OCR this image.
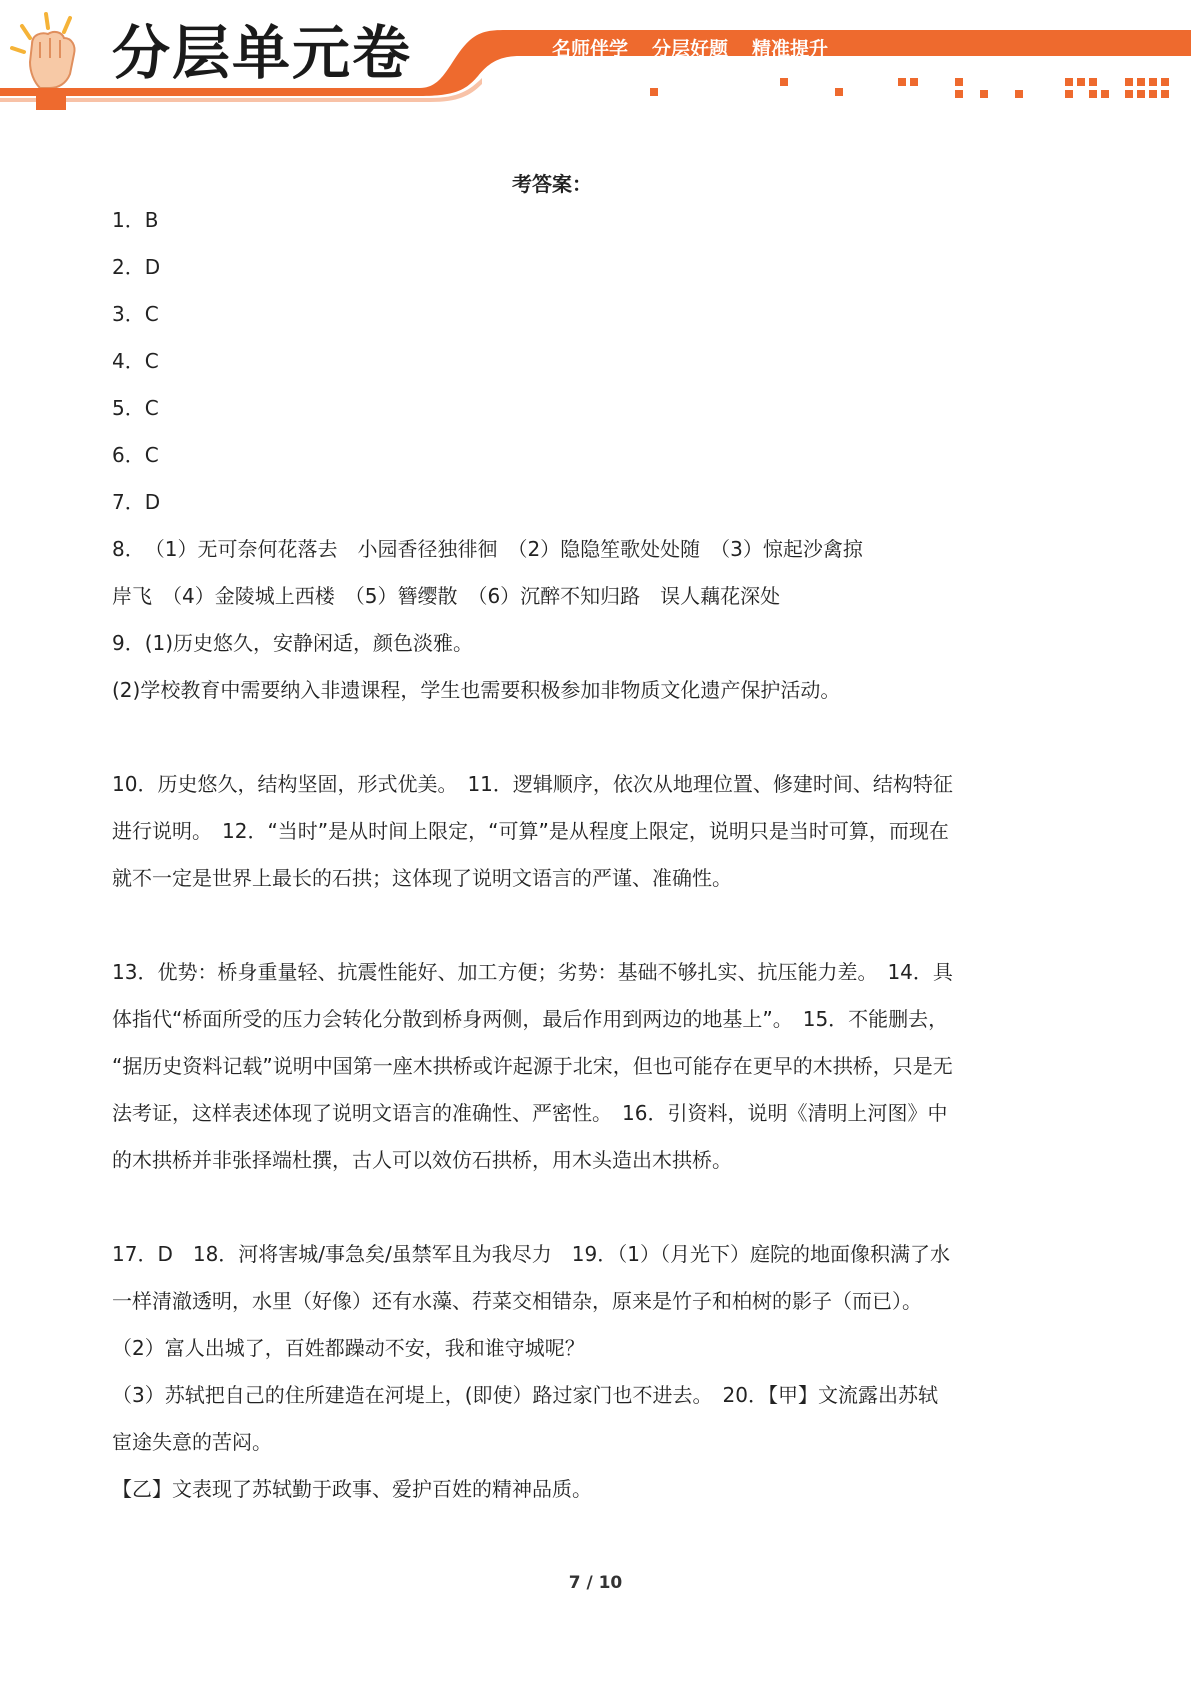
分层单元卷	名师伴学 分层好题 精准提升
考答案：
1．B
2．D
3．C
4．C
5．C
6．C
7．D
8．　（1）无可奈何花落去　小园香径独徘徊　（2）隐隐笙歌处处随　（3）惊起沙禽掠
岸飞　（4）金陵城上西楼　（5）簪缨散　（6）沉醉不知归路　误人藕花深处
9．(1)历史悠久，安静闲适，颜色淡雅。
(2)学校教育中需要纳入非遗课程，学生也需要积极参加非物质文化遗产保护活动。
10．历史悠久，结构坚固，形式优美。　11．逻辑顺序，依次从地理位置、修建时间、结构特征
进行说明。　12．“当时”是从时间上限定，“可算”是从程度上限定，说明只是当时可算，而现在
就不一定是世界上最长的石拱；这体现了说明文语言的严谨、准确性。
13．优势：桥身重量轻、抗震性能好、加工方便；劣势：基础不够扎实、抗压能力差。　14．具
体指代“桥面所受的压力会转化分散到桥身两侧，最后作用到两边的地基上”。　15．不能删去，
“据历史资料记载”说明中国第一座木拱桥或许起源于北宋，但也可能存在更早的木拱桥，只是无
法考证，这样表述体现了说明文语言的准确性、严密性。　16．引资料，说明《清明上河图》中
的木拱桥并非张择端杜撰，古人可以效仿石拱桥，用木头造出木拱桥。
17．D　18．河将害城/事急矣/虽禁军且为我尽力　19．（1）（月光下）庭院的地面像积满了水
一样清澈透明，水里（好像）还有水藻、荇菜交相错杂，原来是竹子和柏树的影子（而已）。
（2）富人出城了，百姓都躁动不安，我和谁守城呢？
（3）苏轼把自己的住所建造在河堤上，(即使）路过家门也不进去。　20．【甲】文流露出苏轼
宦途失意的苦闷。
【乙】文表现了苏轼勤于政事、爱护百姓的精神品质。
7 / 10
